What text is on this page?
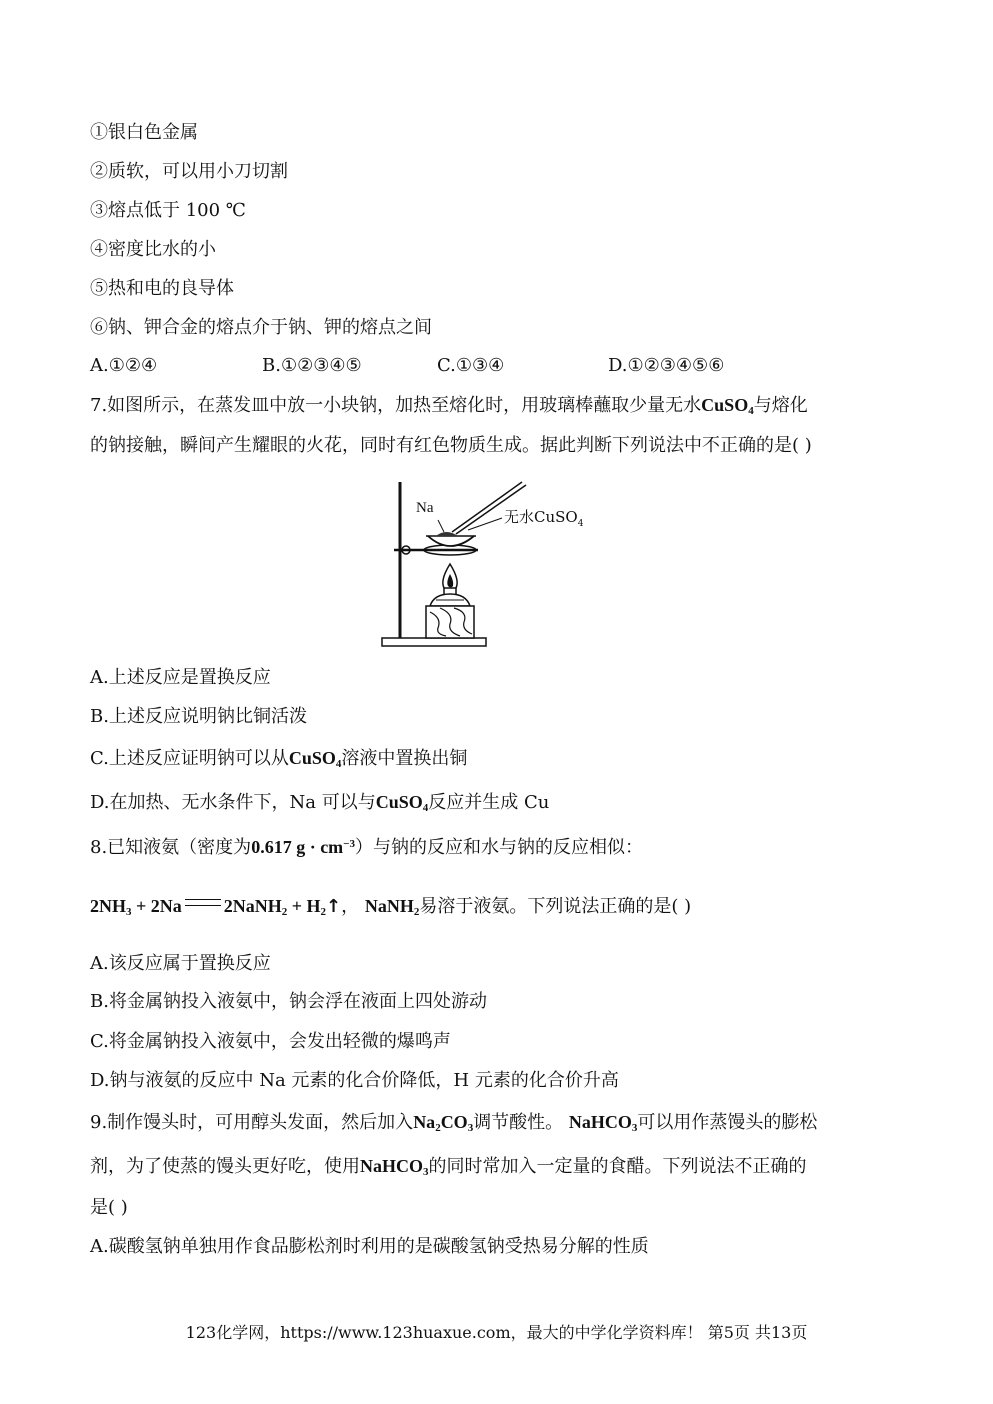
①银白色金属
②质软，可以用小刀切割
③熔点低于 100 ℃
④密度比水的小
⑤热和电的良导体
⑥钠、钾合金的熔点介于钠、钾的熔点之间
A.①②④	B.①②③④⑤	C.①③④	D.①②③④⑤⑥
7.如图所示，在蒸发皿中放一小块钠，加热至熔化时，用玻璃棒蘸取少量无水CuSO$_4$与熔化
的钠接触，瞬间产生耀眼的火花，同时有红色物质生成。据此判断下列说法中不正确的是( )
Na	无水CuSO$_4$
A.上述反应是置换反应
B.上述反应说明钠比铜活泼
C.上述反应证明钠可以从CuSO$_4$溶液中置换出铜
D.在加热、无水条件下，Na 可以与CuSO$_4$反应并生成 Cu
8.已知液氨（密度为0.617 $g \cdot cm^{-3}$）与钠的反应和水与钠的反应相似：
$2NH_3 + 2Na$ 2NaNH$_2$ + $H_2↑$， NaNH$_2$易溶于液氨。下列说法正确的是( )
A.该反应属于置换反应
B.将金属钠投入液氨中，钠会浮在液面上四处游动
C.将金属钠投入液氨中，会发出轻微的爆鸣声
D.钠与液氨的反应中 Na 元素的化合价降低，H 元素的化合价升高
9.制作馒头时，可用醇头发面，然后加入$Na_2CO_3$调节酸性。 NaHCO$_3$可以用作蒸馒头的膨松
剂，为了使蒸的馒头更好吃，使用NaHCO$_3$的同时常加入一定量的食醋。下列说法不正确的
是( )
A.碳酸氢钠单独用作食品膨松剂时利用的是碳酸氢钠受热易分解的性质
123化学网，https://www.123huaxue.com，最大的中学化学资料库！ 第5页 共13页
